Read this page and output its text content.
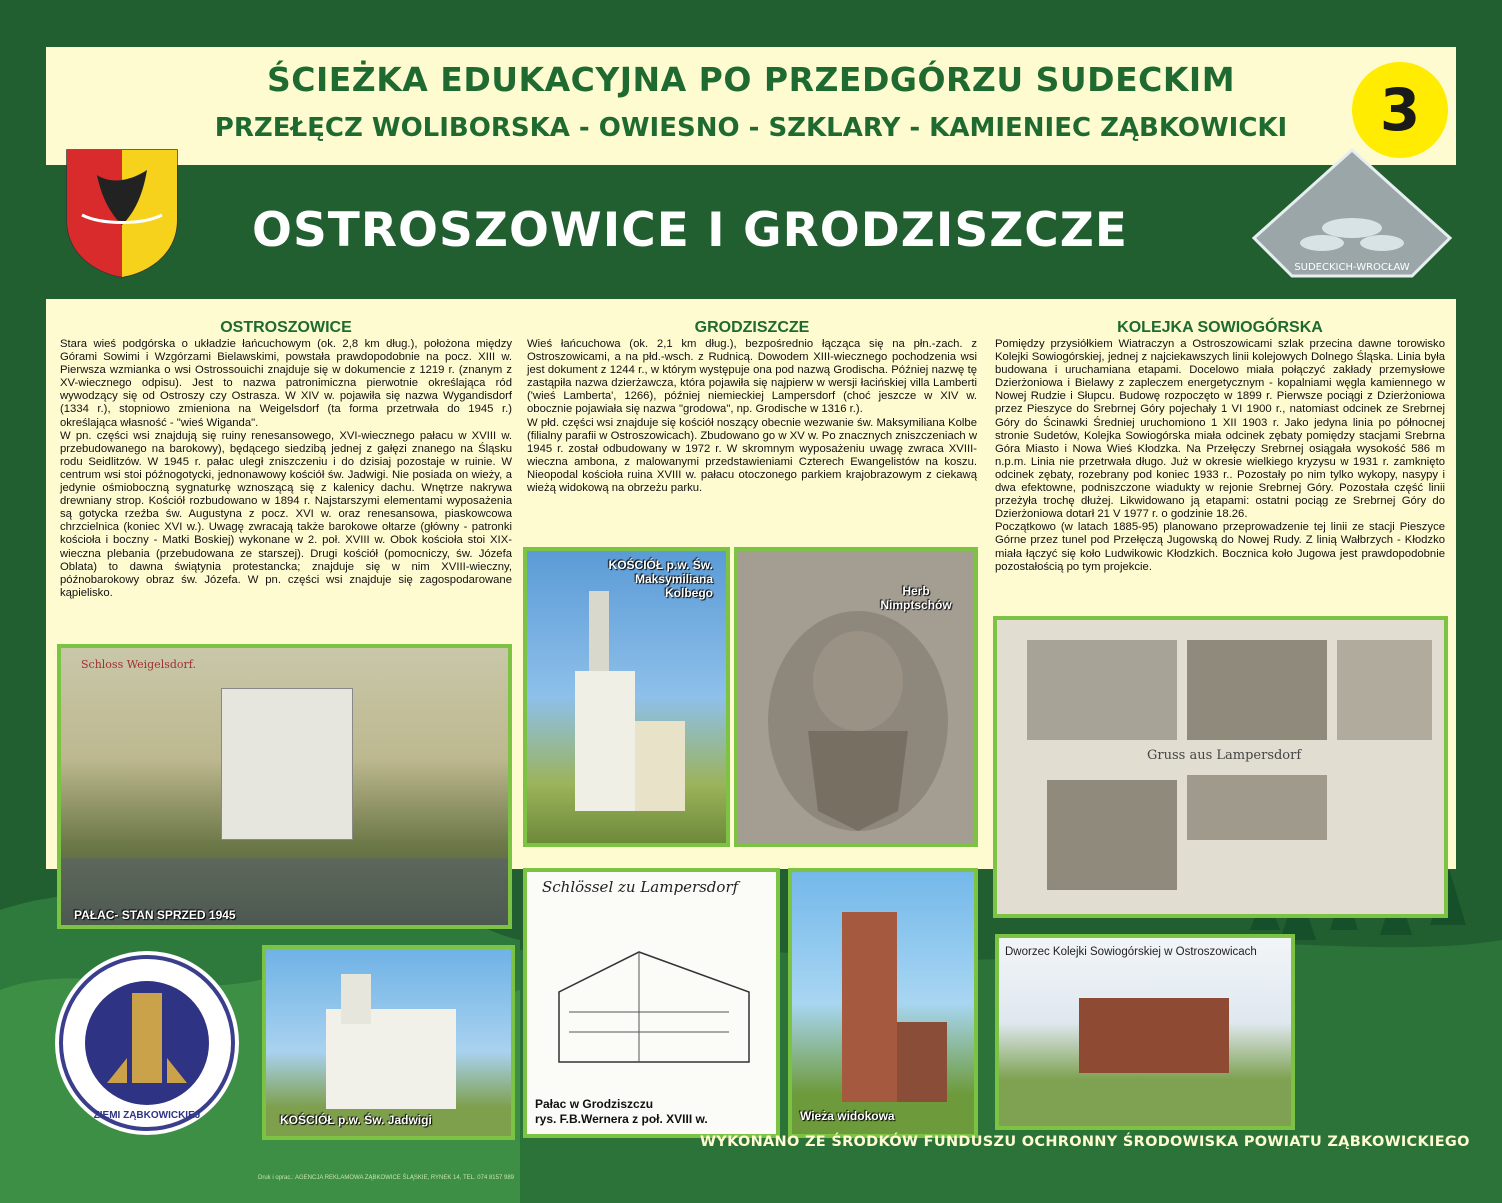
ŚCIEŻKA EDUKACYJNA PO PRZEDGÓRZU SUDECKIM
PRZEŁĘCZ WOLIBORSKA - OWIESNO - SZKLARY - KAMIENIEC ZĄBKOWICKI	3
SUDECKICH-WROCŁAW
OSTROSZOWICE I GRODZISZCZE
OSTROSZOWICE

Stara wieś podgórska o układzie łańcuchowym (ok. 2,8 km dług.), położona między Górami Sowimi i Wzgórzami Bielawskimi, powstała prawdopodobnie na pocz. XIII w. Pierwsza wzmianka o wsi Ostrossouichi znajduje się w dokumencie z 1219 r. (znanym z XV-wiecznego odpisu). Jest to nazwa patronimiczna pierwotnie określająca ród wywodzący się od Ostroszy czy Ostrasza. W XIV w. pojawiła się nazwa Wygandisdorf (1334 r.), stopniowo zmieniona na Weigelsdorf (ta forma przetrwała do 1945 r.) określająca własność - "wieś Wiganda".

W pn. części wsi znajdują się ruiny renesansowego, XVI-wiecznego pałacu w XVIII w. przebudowanego na barokowy), będącego siedzibą jednej z gałęzi znanego na Śląsku rodu Seidlitzów. W 1945 r. pałac uległ zniszczeniu i do dzisiaj pozostaje w ruinie. W centrum wsi stoi późnogotycki, jednonawowy kościół św. Jadwigi. Nie posiada on wieży, a jedynie ośmioboczną sygnaturkę wznoszącą się z kalenicy dachu. Wnętrze nakrywa drewniany strop. Kościół rozbudowano w 1894 r. Najstarszymi elementami wyposażenia są gotycka rzeźba św. Augustyna z pocz. XVI w. oraz renesansowa, piaskowcowa chrzcielnica (koniec XVI w.). Uwagę zwracają także barokowe ołtarze (główny - patronki kościoła i boczny - Matki Boskiej) wykonane w 2. poł. XVIII w. Obok kościoła stoi XIX-wieczna plebania (przebudowana ze starszej). Drugi kościół (pomocniczy, św. Józefa Oblata) to dawna świątynia protestancka; znajduje się w nim XVIII-wieczny, późnobarokowy obraz św. Józefa. W pn. części wsi znajduje się zagospodarowane kąpielisko.

GRODZISZCZE

Wieś łańcuchowa (ok. 2,1 km dług.), bezpośrednio łącząca się na płn.-zach. z Ostroszowicami, a na płd.-wsch. z Rudnicą. Dowodem XIII-wiecznego pochodzenia wsi jest dokument z 1244 r., w którym występuje ona pod nazwą Grodischa. Później nazwę tę zastąpiła nazwa dzierżawcza, która pojawiła się najpierw w wersji łacińskiej villa Lamberti ('wieś Lamberta', 1266), później niemieckiej Lampersdorf (choć jeszcze w XIV w. obocznie pojawiała się nazwa "grodowa", np. Grodische w 1316 r.).

W płd. części wsi znajduje się kościół noszący obecnie wezwanie św. Maksymiliana Kolbe (filialny parafii w Ostroszowicach). Zbudowano go w XV w. Po znacznych zniszczeniach w 1945 r. został odbudowany w 1972 r. W skromnym wyposażeniu uwagę zwraca XVIII-wieczna ambona, z malowanymi przedstawieniami Czterech Ewangelistów na koszu. Nieopodal kościoła ruina XVIII w. pałacu otoczonego parkiem krajobrazowym z ciekawą wieżą widokową na obrzeżu parku.

KOLEJKA SOWIOGÓRSKA

Pomiędzy przysiółkiem Wiatraczyn a Ostroszowicami szlak przecina dawne torowisko Kolejki Sowiogórskiej, jednej z najciekawszych linii kolejowych Dolnego Śląska. Linia była budowana i uruchamiana etapami. Docelowo miała połączyć zakłady przemysłowe Dzierżoniowa i Bielawy z zapleczem energetycznym - kopalniami węgla kamiennego w Nowej Rudzie i Słupcu. Budowę rozpoczęto w 1899 r. Pierwsze pociągi z Dzierżoniowa przez Pieszyce do Srebrnej Góry pojechały 1 VI 1900 r., natomiast odcinek ze Srebrnej Góry do Ścinawki Średniej uruchomiono 1 XII 1903 r. Jako jedyna linia po północnej stronie Sudetów, Kolejka Sowiogórska miała odcinek zębaty pomiędzy stacjami Srebrna Góra Miasto i Nowa Wieś Kłodzka. Na Przełęczy Srebrnej osiągała wysokość 586 m n.p.m. Linia nie przetrwała długo. Już w okresie wielkiego kryzysu w 1931 r. zamknięto odcinek zębaty, rozebrany pod koniec 1933 r.. Pozostały po nim tylko wykopy, nasypy i dwa efektowne, podniszczone wiadukty w rejonie Srebrnej Góry. Pozostała część linii przeżyła trochę dłużej. Likwidowano ją etapami: ostatni pociąg ze Srebrnej Góry do Dzierżoniowa dotarł 21 V 1977 r. o godzinie 18.26.

Początkowo (w latach 1885-95) planowano przeprowadzenie tej linii ze stacji Pieszyce Górne przez tunel pod Przełęczą Jugowską do Nowej Rudy. Z linią Wałbrzych - Kłodzko miała łączyć się koło Ludwikowic Kłodzkich. Bocznica koło Jugowa jest prawdopodobnie pozostałością po tym projekcie.

Schloss Weigelsdorf.
PAŁAC- STAN SPRZED 1945
KOŚCIÓŁ p.w. Św. Maksymiliana Kolbego	Herb Nimptschów
Gruss aus Lampersdorf
KOŚCIÓŁ p.w. Św. Jadwigi
Schlössel zu Lampersdorf
Pałac w Grodziszczu
rys. F.B.Wernera z poł. XVIII w.	Wieża widokowa
Dworzec Kolejki Sowiogórskiej w Ostroszowicach
ZIEMI ZĄBKOWICKIEJ
WYKONANO ZE ŚRODKÓW FUNDUSZU OCHRONNY ŚRODOWISKA POWIATU ZĄBKOWICKIEGO
Druk i oprac.: AGENCJA REKLAMOWA ZĄBKOWICE ŚLĄSKIE, RYNEK 14, TEL. 074 8157 989
